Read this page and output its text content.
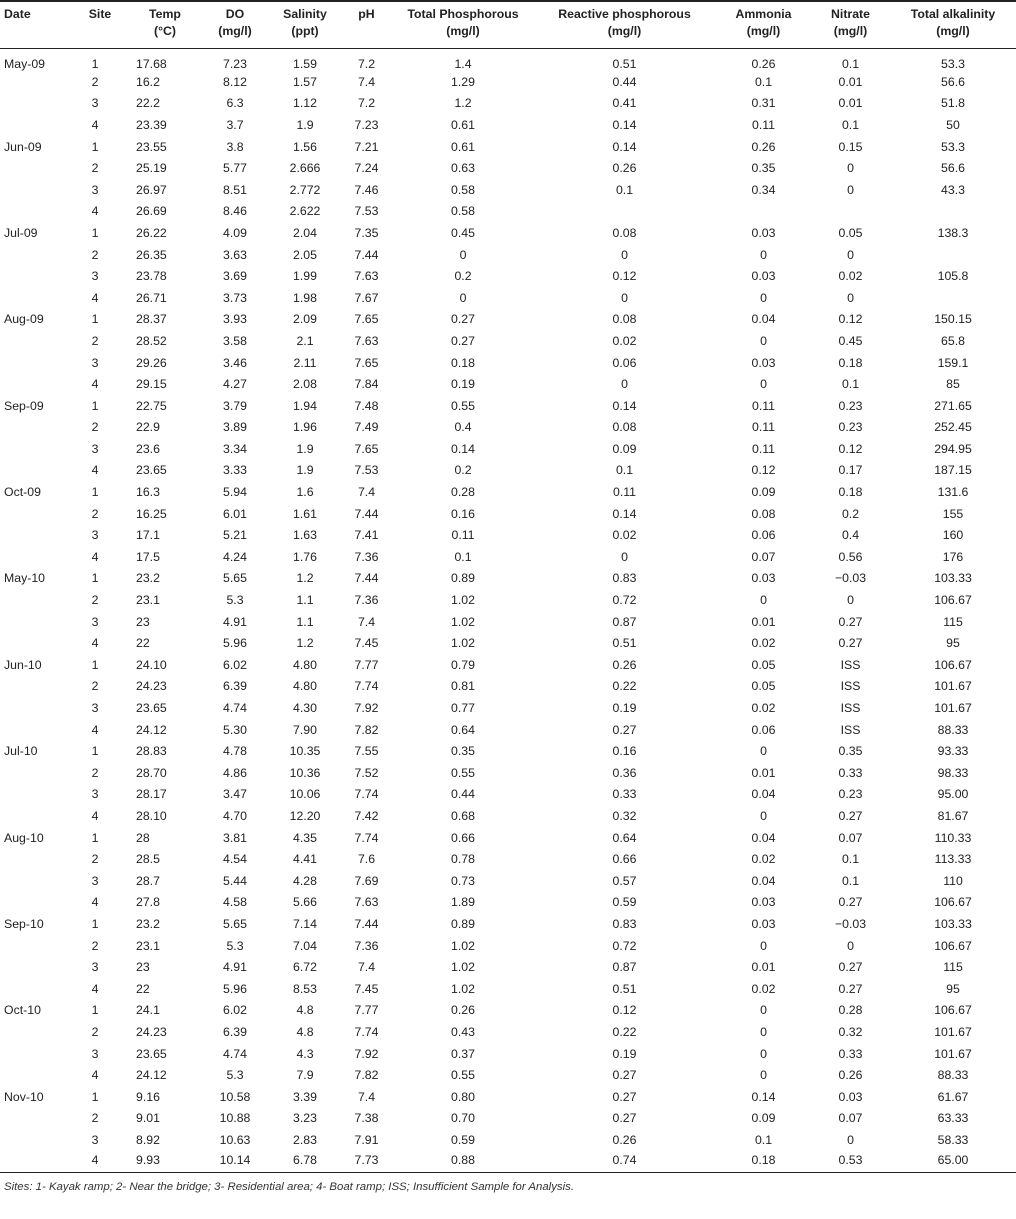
Date	Site	Temp	DO	Salinity	pH	Total Phosphorous	Reactive phosphorous	Ammonia	Nitrate	Total alkalinity
		(°C)	(mg/l)	(ppt)		(mg/l)	(mg/l)	(mg/l)	(mg/l)	(mg/l)
May-09	1	17.68	7.23	1.59	7.2	1.4	0.51	0.26	0.1	53.3
	2	16.2	8.12	1.57	7.4	1.29	0.44	0.1	0.01	56.6
	3	22.2	6.3	1.12	7.2	1.2	0.41	0.31	0.01	51.8
	4	23.39	3.7	1.9	7.23	0.61	0.14	0.11	0.1	50
Jun-09	1	23.55	3.8	1.56	7.21	0.61	0.14	0.26	0.15	53.3
	2	25.19	5.77	2.666	7.24	0.63	0.26	0.35	0	56.6
	3	26.97	8.51	2.772	7.46	0.58	0.1	0.34	0	43.3
	4	26.69	8.46	2.622	7.53	0.58				
Jul-09	1	26.22	4.09	2.04	7.35	0.45	0.08	0.03	0.05	138.3
	2	26.35	3.63	2.05	7.44	0	0	0	0	
	3	23.78	3.69	1.99	7.63	0.2	0.12	0.03	0.02	105.8
	4	26.71	3.73	1.98	7.67	0	0	0	0	
Aug-09	1	28.37	3.93	2.09	7.65	0.27	0.08	0.04	0.12	150.15
	2	28.52	3.58	2.1	7.63	0.27	0.02	0	0.45	65.8
	3	29.26	3.46	2.11	7.65	0.18	0.06	0.03	0.18	159.1
	4	29.15	4.27	2.08	7.84	0.19	0	0	0.1	85
Sep-09	1	22.75	3.79	1.94	7.48	0.55	0.14	0.11	0.23	271.65
	2	22.9	3.89	1.96	7.49	0.4	0.08	0.11	0.23	252.45
	3	23.6	3.34	1.9	7.65	0.14	0.09	0.11	0.12	294.95
	4	23.65	3.33	1.9	7.53	0.2	0.1	0.12	0.17	187.15
Oct-09	1	16.3	5.94	1.6	7.4	0.28	0.11	0.09	0.18	131.6
	2	16.25	6.01	1.61	7.44	0.16	0.14	0.08	0.2	155
	3	17.1	5.21	1.63	7.41	0.11	0.02	0.06	0.4	160
	4	17.5	4.24	1.76	7.36	0.1	0	0.07	0.56	176
May-10	1	23.2	5.65	1.2	7.44	0.89	0.83	0.03	−0.03	103.33
	2	23.1	5.3	1.1	7.36	1.02	0.72	0	0	106.67
	3	23	4.91	1.1	7.4	1.02	0.87	0.01	0.27	115
	4	22	5.96	1.2	7.45	1.02	0.51	0.02	0.27	95
Jun-10	1	24.10	6.02	4.80	7.77	0.79	0.26	0.05	ISS	106.67
	2	24.23	6.39	4.80	7.74	0.81	0.22	0.05	ISS	101.67
	3	23.65	4.74	4.30	7.92	0.77	0.19	0.02	ISS	101.67
	4	24.12	5.30	7.90	7.82	0.64	0.27	0.06	ISS	88.33
Jul-10	1	28.83	4.78	10.35	7.55	0.35	0.16	0	0.35	93.33
	2	28.70	4.86	10.36	7.52	0.55	0.36	0.01	0.33	98.33
	3	28.17	3.47	10.06	7.74	0.44	0.33	0.04	0.23	95.00
	4	28.10	4.70	12.20	7.42	0.68	0.32	0	0.27	81.67
Aug-10	1	28	3.81	4.35	7.74	0.66	0.64	0.04	0.07	110.33
	2	28.5	4.54	4.41	7.6	0.78	0.66	0.02	0.1	113.33
	3	28.7	5.44	4.28	7.69	0.73	0.57	0.04	0.1	110
	4	27.8	4.58	5.66	7.63	1.89	0.59	0.03	0.27	106.67
Sep-10	1	23.2	5.65	7.14	7.44	0.89	0.83	0.03	−0.03	103.33
	2	23.1	5.3	7.04	7.36	1.02	0.72	0	0	106.67
	3	23	4.91	6.72	7.4	1.02	0.87	0.01	0.27	115
	4	22	5.96	8.53	7.45	1.02	0.51	0.02	0.27	95
Oct-10	1	24.1	6.02	4.8	7.77	0.26	0.12	0	0.28	106.67
	2	24.23	6.39	4.8	7.74	0.43	0.22	0	0.32	101.67
	3	23.65	4.74	4.3	7.92	0.37	0.19	0	0.33	101.67
	4	24.12	5.3	7.9	7.82	0.55	0.27	0	0.26	88.33
Nov-10	1	9.16	10.58	3.39	7.4	0.80	0.27	0.14	0.03	61.67
	2	9.01	10.88	3.23	7.38	0.70	0.27	0.09	0.07	63.33
	3	8.92	10.63	2.83	7.91	0.59	0.26	0.1	0	58.33
	4	9.93	10.14	6.78	7.73	0.88	0.74	0.18	0.53	65.00
Sites: 1- Kayak ramp; 2- Near the bridge; 3- Residential area; 4- Boat ramp; ISS; Insufficient Sample for Analysis.
